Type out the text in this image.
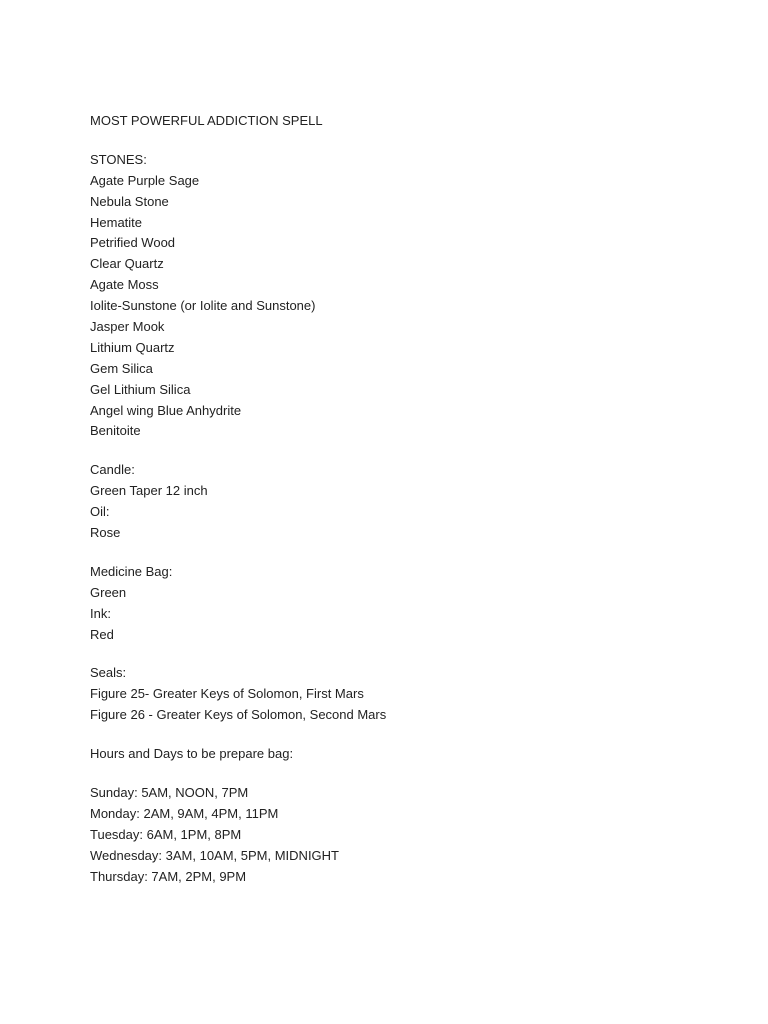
MOST POWERFUL ADDICTION SPELL
STONES:
Agate Purple Sage
Nebula Stone
Hematite
Petrified Wood
Clear Quartz
Agate Moss
Iolite-Sunstone (or Iolite and Sunstone)
Jasper Mook
Lithium Quartz
Gem Silica
Gel Lithium Silica
Angel wing Blue Anhydrite
Benitoite
Candle:
Green Taper 12 inch
Oil:
Rose
Medicine Bag:
Green
Ink:
Red
Seals:
Figure 25- Greater Keys of Solomon, First Mars
Figure 26 - Greater Keys of Solomon, Second Mars
Hours and Days to be prepare bag:
Sunday: 5AM, NOON, 7PM
Monday: 2AM, 9AM, 4PM, 11PM
Tuesday: 6AM, 1PM, 8PM
Wednesday: 3AM, 10AM, 5PM, MIDNIGHT
Thursday: 7AM, 2PM, 9PM
